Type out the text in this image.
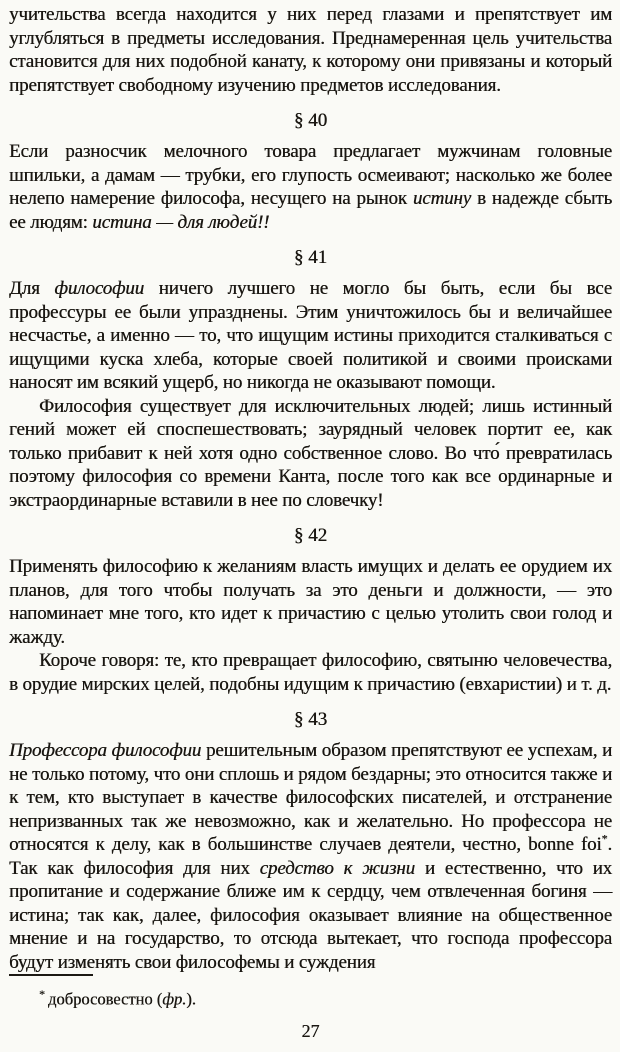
учительства всегда находится у них перед глазами и препятствует им углубляться в предметы исследования. Преднамеренная цель учительства становится для них подобной канату, к которому они привязаны и который препятствует свободному изучению предметов исследования.

§ 40

Если разносчик мелочного товара предлагает мужчинам головные шпильки, а дамам — трубки, его глупость осмеивают; насколько же более нелепо намерение философа, несущего на рынок истину в надежде сбыть ее людям: истина — для людей!!

§ 41

Для философии ничего лучшего не могло бы быть, если бы все профессуры ее были упразднены. Этим уничтожилось бы и величайшее несчастье, а именно — то, что ищущим истины приходится сталкиваться с ищущими куска хлеба, которые своей политикой и своими происками наносят им всякий ущерб, но никогда не оказывают помощи.

Философия существует для исключительных людей; лишь истинный гений может ей споспешествовать; заурядный человек портит ее, как только прибавит к ней хотя одно собственное слово. Во что́ превратилась поэтому философия со времени Канта, после того как все ординарные и экстраординарные вставили в нее по словечку!

§ 42

Применять философию к желаниям власть имущих и делать ее орудием их планов, для того чтобы получать за это деньги и должности, — это напоминает мне того, кто идет к причастию с целью утолить свои голод и жажду.

Короче говоря: те, кто превращает философию, святыню человечества, в орудие мирских целей, подобны идущим к причастию (евхаристии) и т. д.

§ 43

Профессора философии решительным образом препятствуют ее успехам, и не только потому, что они сплошь и рядом бездарны; это относится также и к тем, кто выступает в качестве философских писателей, и отстранение непризванных так же невозможно, как и желательно. Но профессора не относятся к делу, как в большинстве случаев деятели, честно, bonne foi*. Так как философия для них средство к жизни и естественно, что их пропитание и содержание ближе им к сердцу, чем отвлеченная богиня — истина; так как, далее, философия оказывает влияние на общественное мнение и на государство, то отсюда вытекает, что господа профессора будут изменять свои философемы и суждения

* добросовестно (фр.).

27
